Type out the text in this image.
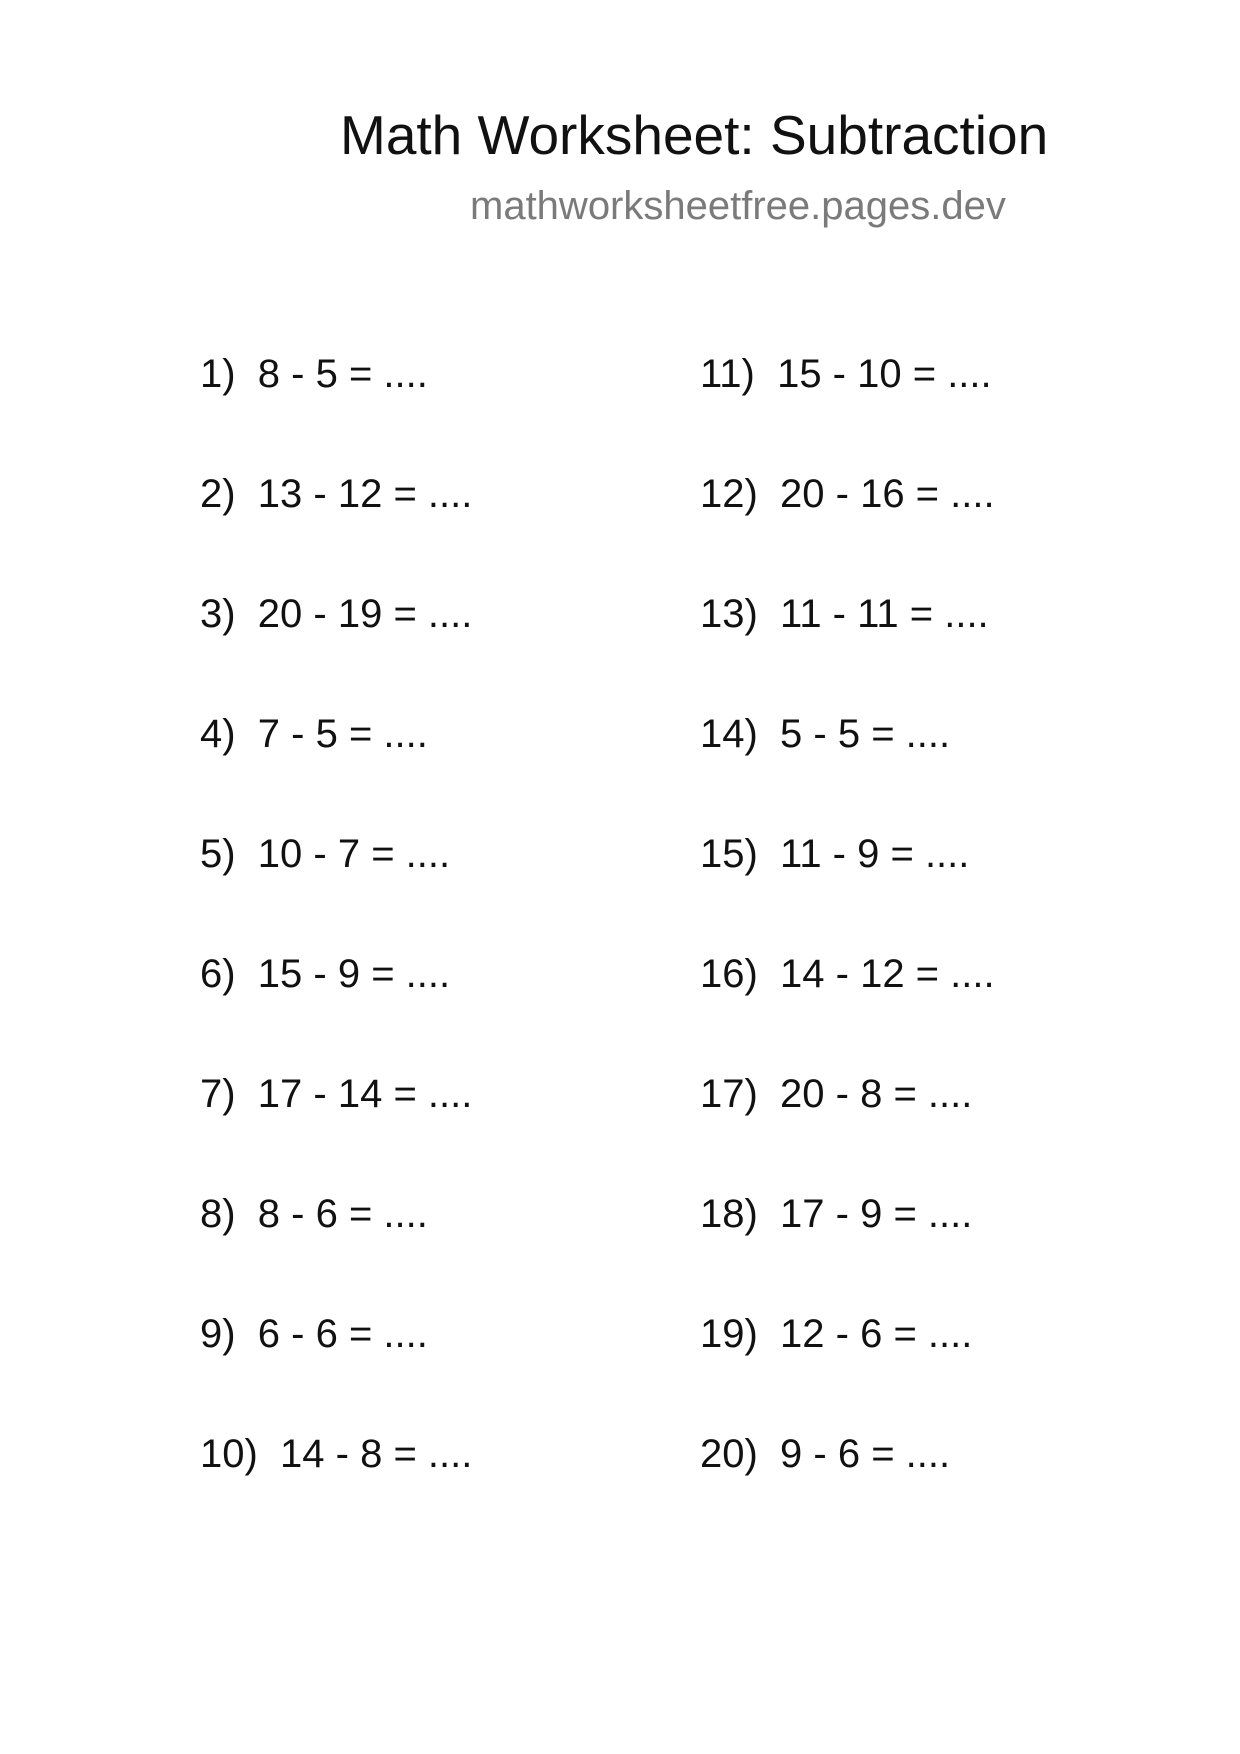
Math Worksheet: Subtraction
mathworksheetfree.pages.dev
1)  8 - 5 = ....
2)  13 - 12 = ....
3)  20 - 19 = ....
4)  7 - 5 = ....
5)  10 - 7 = ....
6)  15 - 9 = ....
7)  17 - 14 = ....
8)  8 - 6 = ....
9)  6 - 6 = ....
10)  14 - 8 = ....
11)  15 - 10 = ....
12)  20 - 16 = ....
13)  11 - 11 = ....
14)  5 - 5 = ....
15)  11 - 9 = ....
16)  14 - 12 = ....
17)  20 - 8 = ....
18)  17 - 9 = ....
19)  12 - 6 = ....
20)  9 - 6 = ....
